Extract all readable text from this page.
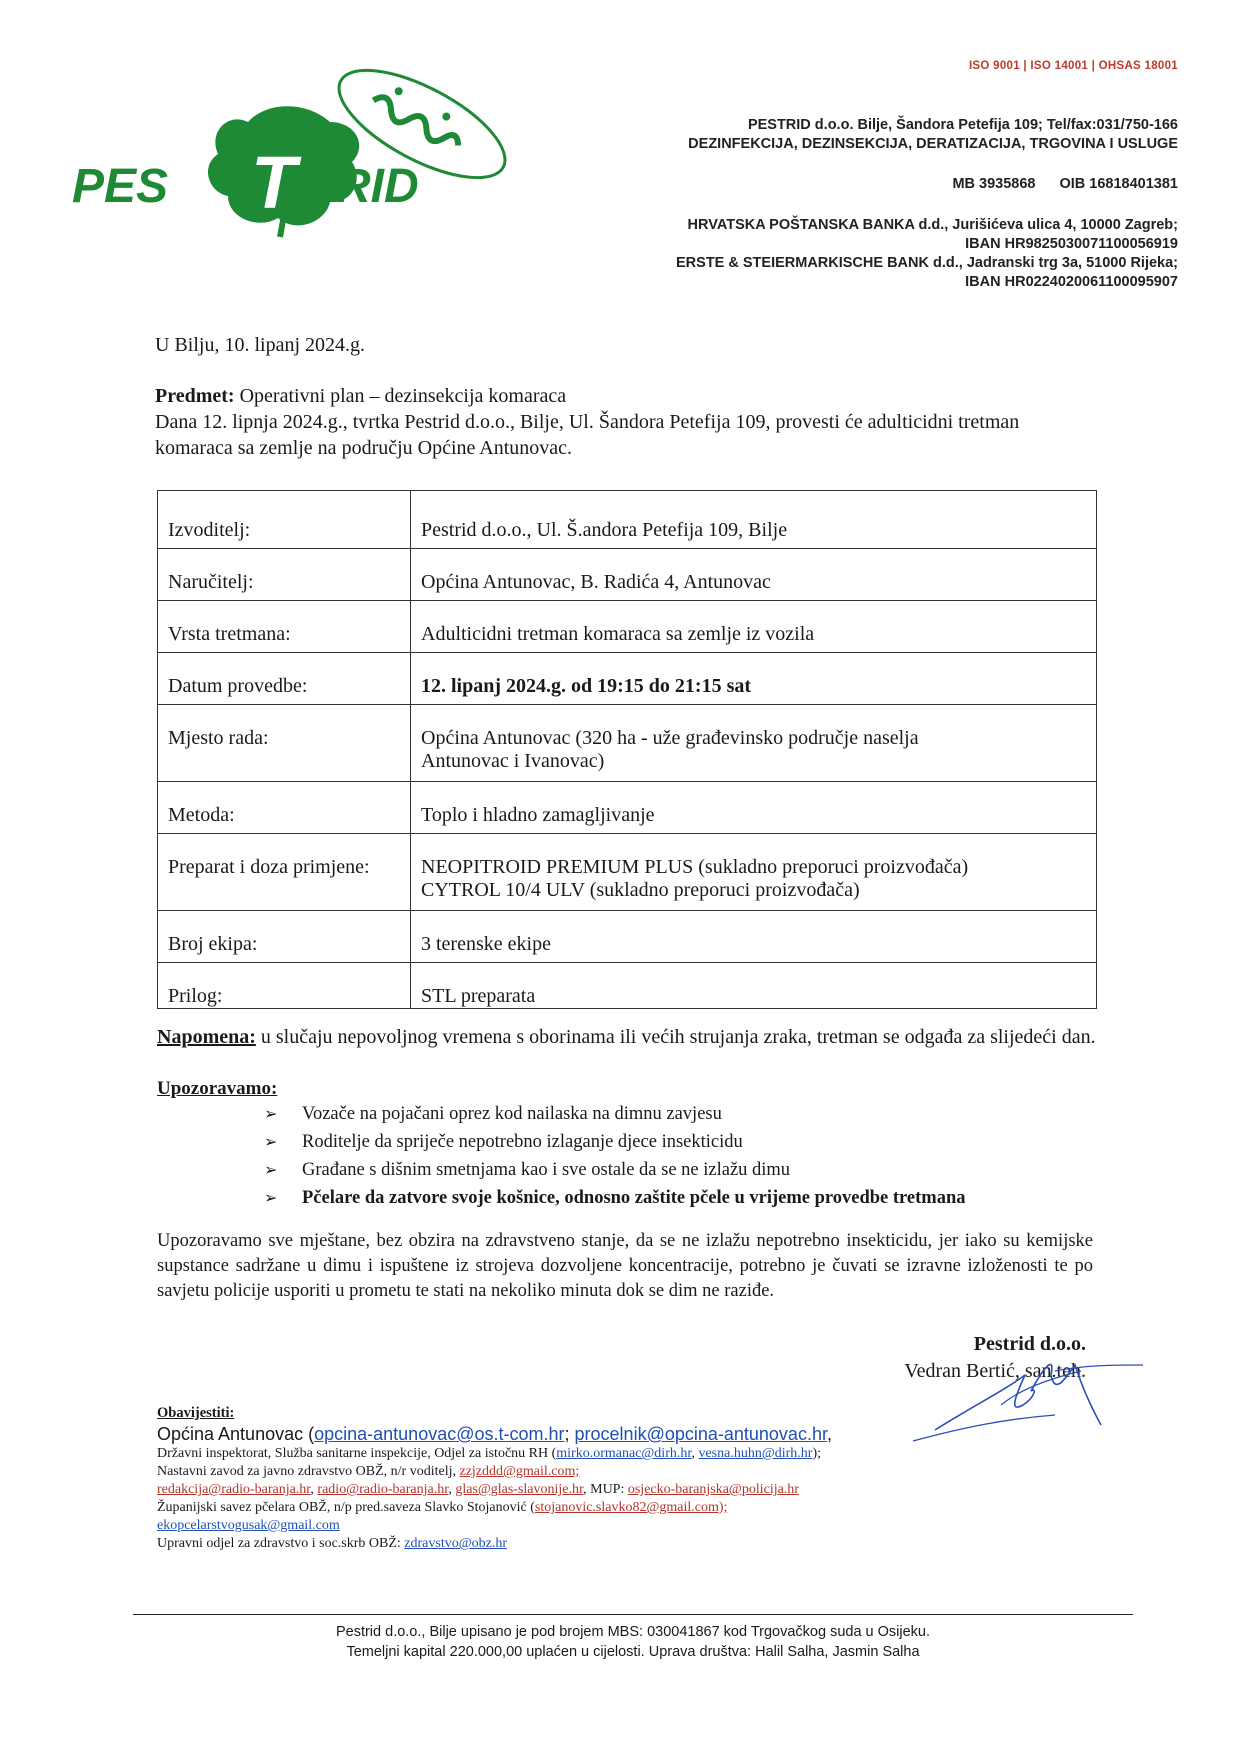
PES T RID
ISO 9001 | ISO 14001 | OHSAS 18001
PESTRID d.o.o. Bilje, Šandora Petefija 109; Tel/fax:031/750-166
DEZINFEKCIJA, DEZINSEKCIJA, DERATIZACIJA, TRGOVINA I USLUGE
MB 3935868 OIB 16818401381
HRVATSKA POŠTANSKA BANKA d.d., Jurišićeva ulica 4, 10000 Zagreb;
IBAN HR9825030071100056919
ERSTE & STEIERMARKISCHE BANK d.d., Jadranski trg 3a, 51000 Rijeka;
IBAN HR0224020061100095907
U Bilju, 10. lipanj 2024.g.
Predmet: Operativni plan – dezinsekcija komaraca
Dana 12. lipnja 2024.g., tvrtka Pestrid d.o.o., Bilje, Ul. Šandora Petefija 109, provesti će adulticidni tretman komaraca sa zemlje na području Općine Antunovac.
Izvoditelj:	Pestrid d.o.o., Ul. Š.andora Petefija 109, Bilje
Naručitelj:	Općina Antunovac, B. Radića 4, Antunovac
Vrsta tretmana:	Adulticidni tretman komaraca sa zemlje iz vozila
Datum provedbe:	12. lipanj 2024.g. od 19:15 do 21:15 sat
Mjesto rada:	Općina Antunovac (320 ha - uže građevinsko područje naselja
Antunovac i Ivanovac)

Metoda:	Toplo i hladno zamagljivanje
Preparat i doza primjene:	NEOPITROID PREMIUM PLUS (sukladno preporuci proizvođača)
CYTROL 10/4 ULV (sukladno preporuci proizvođača)

Broj ekipa:	3 terenske ekipe
Prilog:	STL preparata
Napomena: u slučaju nepovoljnog vremena s oborinama ili većih strujanja zraka, tretman se odgađa za slijedeći dan.
Upozoravamo:
➢ Vozače na pojačani oprez kod nailaska na dimnu zavjesu
➢ Roditelje da spriječe nepotrebno izlaganje djece insekticidu
➢ Građane s dišnim smetnjama kao i sve ostale da se ne izlažu dimu
➢ Pčelare da zatvore svoje košnice, odnosno zaštite pčele u vrijeme provedbe tretmana
Upozoravamo sve mještane, bez obzira na zdravstveno stanje, da se ne izlažu nepotrebno insekticidu, jer iako su kemijske supstance sadržane u dimu i ispuštene iz strojeva dozvoljene koncentracije, potrebno je čuvati se izravne izloženosti te po savjetu policije usporiti u prometu te stati na nekoliko minuta dok se dim ne raziđe.
Pestrid d.o.o.
Vedran Bertić, san.teh.
Obavijestiti:
Općina Antunovac (opcina-antunovac@os.t-com.hr; procelnik@opcina-antunovac.hr,
Državni inspektorat, Služba sanitarne inspekcije, Odjel za istočnu RH (mirko.ormanac@dirh.hr, vesna.huhn@dirh.hr);
Nastavni zavod za javno zdravstvo OBŽ, n/r voditelj, zzjzddd@gmail.com;
redakcija@radio-baranja.hr, radio@radio-baranja.hr, glas@glas-slavonije.hr, MUP: osjecko-baranjska@policija.hr
Županijski savez pčelara OBŽ, n/p pred.saveza Slavko Stojanović (stojanovic.slavko82@gmail.com);
ekopcelarstvogusak@gmail.com
Upravni odjel za zdravstvo i soc.skrb OBŽ: zdravstvo@obz.hr
Pestrid d.o.o., Bilje upisano je pod brojem MBS: 030041867 kod Trgovačkog suda u Osijeku.
Temeljni kapital 220.000,00 uplaćen u cijelosti. Uprava društva: Halil Salha, Jasmin Salha
